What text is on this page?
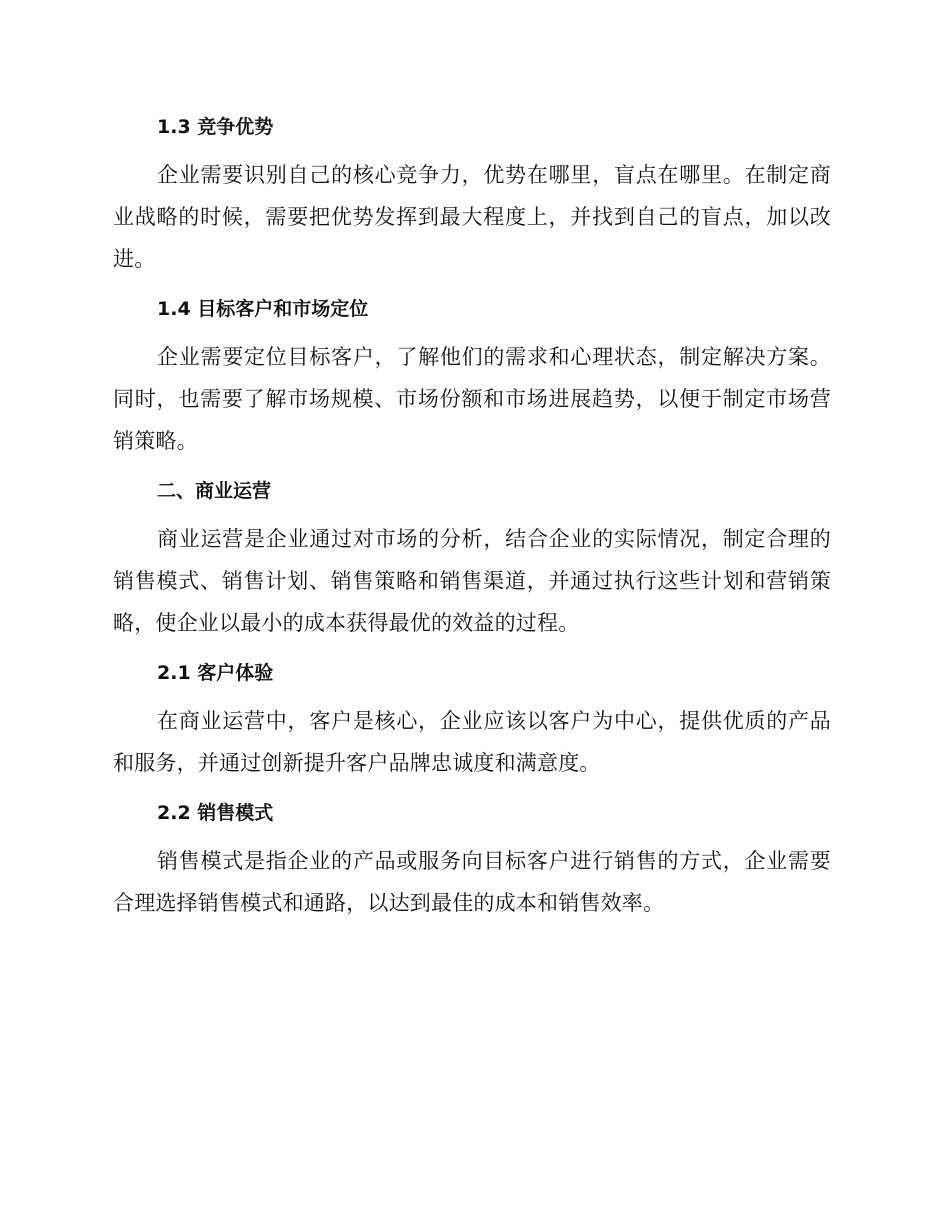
1.3 竞争优势

企业需要识别自己的核心竞争力，优势在哪里，盲点在哪里。在制定商业战略的时候，需要把优势发挥到最大程度上，并找到自己的盲点，加以改进。

1.4 目标客户和市场定位

企业需要定位目标客户，了解他们的需求和心理状态，制定解决方案。同时，也需要了解市场规模、市场份额和市场进展趋势，以便于制定市场营销策略。

二、商业运营

商业运营是企业通过对市场的分析，结合企业的实际情况，制定合理的销售模式、销售计划、销售策略和销售渠道，并通过执行这些计划和营销策略，使企业以最小的成本获得最优的效益的过程。

2.1 客户体验

在商业运营中，客户是核心，企业应该以客户为中心，提供优质的产品和服务，并通过创新提升客户品牌忠诚度和满意度。

2.2 销售模式

销售模式是指企业的产品或服务向目标客户进行销售的方式，企业需要合理选择销售模式和通路，以达到最佳的成本和销售效率。
